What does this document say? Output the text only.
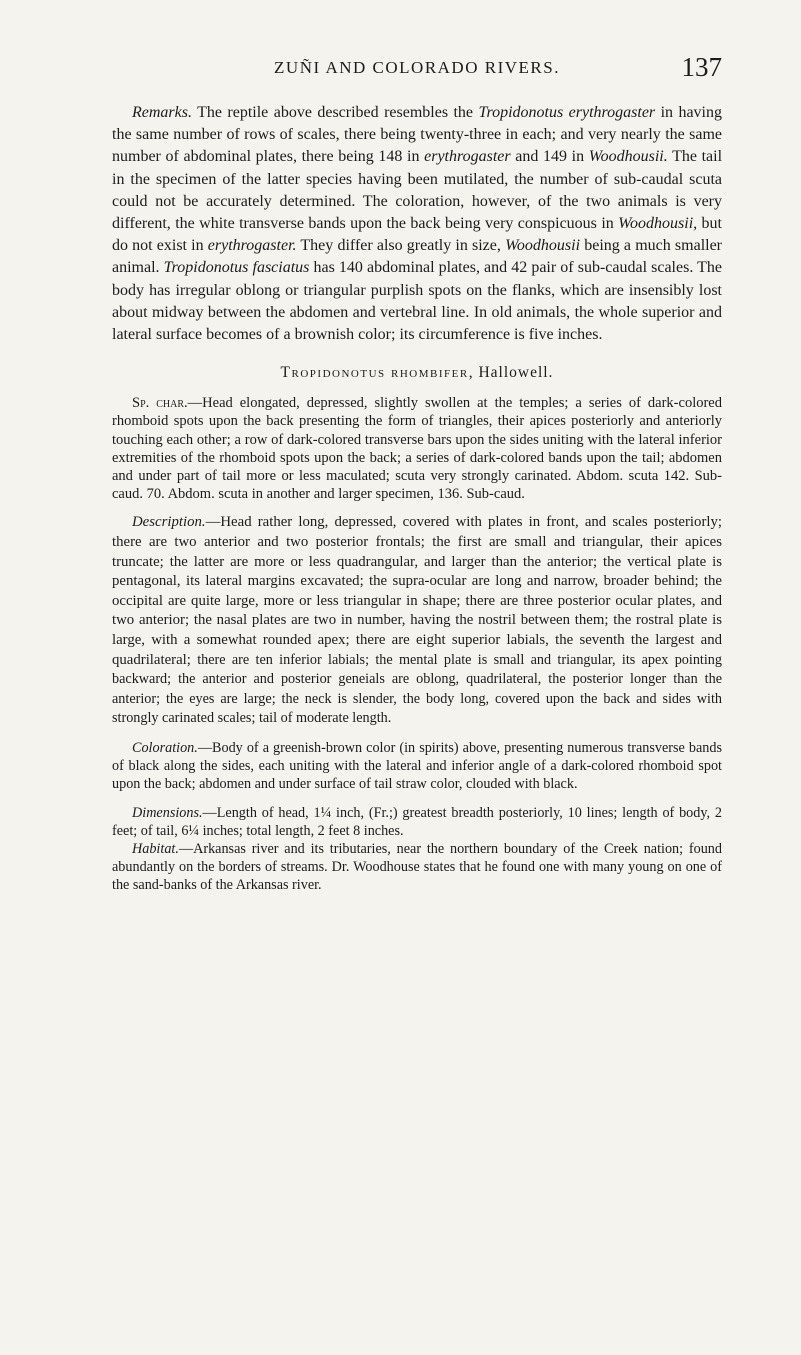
ZUÑI AND COLORADO RIVERS.	137

Remarks. The reptile above described resembles the Tropidonotus erythrogaster in having the same number of rows of scales, there being twenty-three in each; and very nearly the same number of abdominal plates, there being 148 in erythrogaster and 149 in Woodhousii. The tail in the specimen of the latter species having been mutilated, the number of sub-caudal scuta could not be accurately determined. The coloration, however, of the two animals is very different, the white transverse bands upon the back being very conspicuous in Woodhousii, but do not exist in erythrogaster. They differ also greatly in size, Woodhousii being a much smaller animal. Tropidonotus fasciatus has 140 abdominal plates, and 42 pair of sub-caudal scales. The body has irregular oblong or triangular purplish spots on the flanks, which are insensibly lost about midway between the abdomen and vertebral line. In old animals, the whole superior and lateral surface becomes of a brownish color; its circumference is five inches.

Tropidonotus rhombifer, Hallowell.

Sp. char.—Head elongated, depressed, slightly swollen at the temples; a series of dark-colored rhomboid spots upon the back presenting the form of triangles, their apices posteriorly and anteriorly touching each other; a row of dark-colored transverse bars upon the sides uniting with the lateral inferior extremities of the rhomboid spots upon the back; a series of dark-colored bands upon the tail; abdomen and under part of tail more or less maculated; scuta very strongly carinated. Abdom. scuta 142. Sub-caud. 70. Abdom. scuta in another and larger specimen, 136. Sub-caud.

Description.—Head rather long, depressed, covered with plates in front, and scales posteriorly; there are two anterior and two posterior frontals; the first are small and triangular, their apices truncate; the latter are more or less quadrangular, and larger than the anterior; the vertical plate is pentagonal, its lateral margins excavated; the supra-ocular are long and narrow, broader behind; the occipital are quite large, more or less triangular in shape; there are three posterior ocular plates, and two anterior; the nasal plates are two in number, having the nostril between them; the rostral plate is large, with a somewhat rounded apex; there are eight superior labials, the seventh the largest and quadrilateral; there are ten inferior labials; the mental plate is small and triangular, its apex pointing backward; the anterior and posterior geneials are oblong, quadrilateral, the posterior longer than the anterior; the eyes are large; the neck is slender, the body long, covered upon the back and sides with strongly carinated scales; tail of moderate length.

Coloration.—Body of a greenish-brown color (in spirits) above, presenting numerous transverse bands of black along the sides, each uniting with the lateral and inferior angle of a dark-colored rhomboid spot upon the back; abdomen and under surface of tail straw color, clouded with black.

Dimensions.—Length of head, 1¼ inch, (Fr.;) greatest breadth posteriorly, 10 lines; length of body, 2 feet; of tail, 6¼ inches; total length, 2 feet 8 inches.

Habitat.—Arkansas river and its tributaries, near the northern boundary of the Creek nation; found abundantly on the borders of streams. Dr. Woodhouse states that he found one with many young on one of the sand-banks of the Arkansas river.
